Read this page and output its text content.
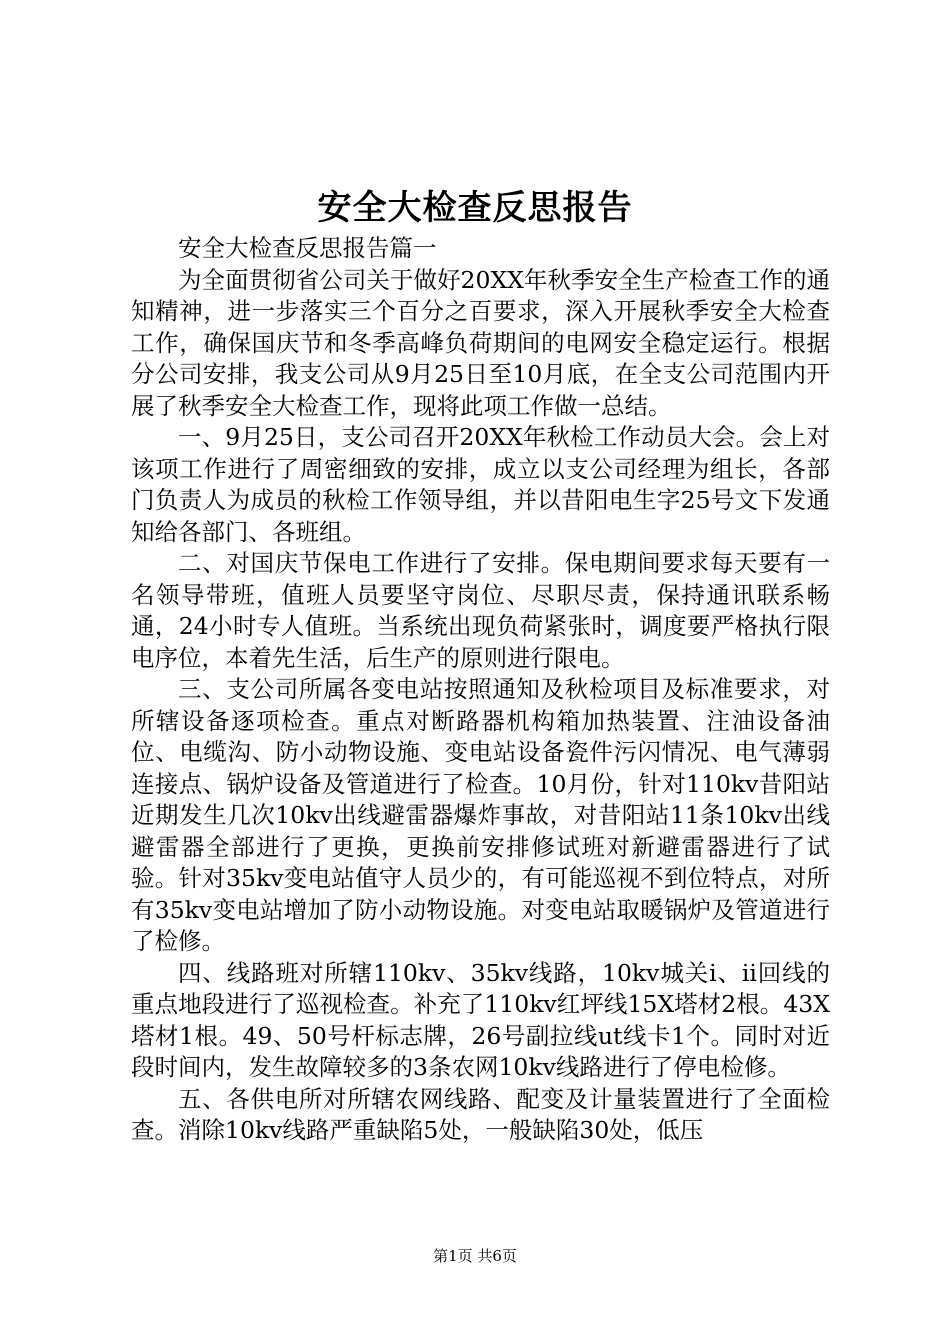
安全大检查反思报告

安全大检查反思报告篇一

为全面贯彻省公司关于做好20XX年秋季安全生产检查工作的通知精神，进一步落实三个百分之百要求，深入开展秋季安全大检查工作，确保国庆节和冬季高峰负荷期间的电网安全稳定运行。根据分公司安排，我支公司从9月25日至10月底，在全支公司范围内开展了秋季安全大检查工作，现将此项工作做一总结。

一、9月25日，支公司召开20XX年秋检工作动员大会。会上对该项工作进行了周密细致的安排，成立以支公司经理为组长，各部门负责人为成员的秋检工作领导组，并以昔阳电生字25号文下发通知给各部门、各班组。

二、对国庆节保电工作进行了安排。保电期间要求每天要有一名领导带班，值班人员要坚守岗位、尽职尽责，保持通讯联系畅通，24小时专人值班。当系统出现负荷紧张时，调度要严格执行限电序位，本着先生活，后生产的原则进行限电。

三、支公司所属各变电站按照通知及秋检项目及标准要求，对所辖设备逐项检查。重点对断路器机构箱加热装置、注油设备油位、电缆沟、防小动物设施、变电站设备瓷件污闪情况、电气薄弱连接点、锅炉设备及管道进行了检查。10月份，针对110kv昔阳站近期发生几次10kv出线避雷器爆炸事故，对昔阳站11条10kv出线避雷器全部进行了更换，更换前安排修试班对新避雷器进行了试验。针对35kv变电站值守人员少的，有可能巡视不到位特点，对所有35kv变电站增加了防小动物设施。对变电站取暖锅炉及管道进行了检修。

四、线路班对所辖110kv、35kv线路，10kv城关i、ii回线的重点地段进行了巡视检查。补充了110kv红坪线15X塔材2根。43X塔材1根。49、50号杆标志牌，26号副拉线ut线卡1个。同时对近段时间内，发生故障较多的3条农网10kv线路进行了停电检修。

五、各供电所对所辖农网线路、配变及计量装置进行了全面检查。消除10kv线路严重缺陷5处，一般缺陷30处，低压

第1页 共6页
